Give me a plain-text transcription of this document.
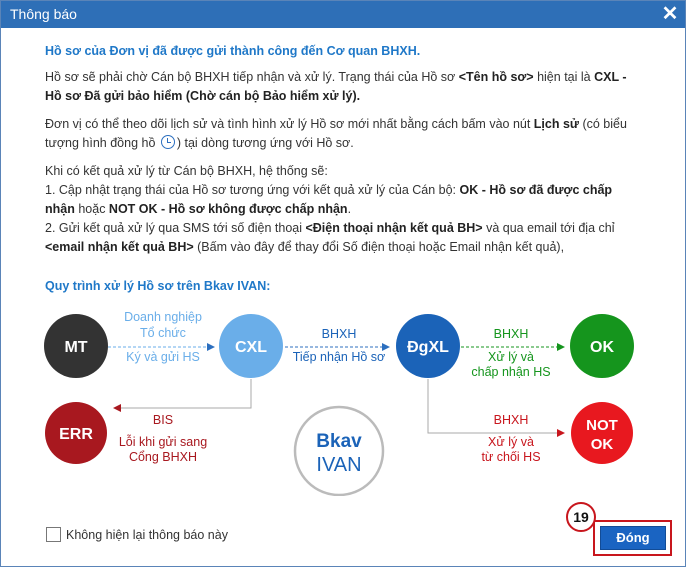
Thông báo	✕

Hồ sơ của Đơn vị đã được gửi thành công đến Cơ quan BHXH.

Hồ sơ sẽ phải chờ Cán bộ BHXH tiếp nhận và xử lý. Trạng thái của Hồ sơ <Tên hồ sơ> hiện tại là CXL - Hồ sơ Đã gửi bảo hiểm (Chờ cán bộ Bảo hiểm xử lý).

Đơn vị có thể theo dõi lịch sử và tình hình xử lý Hồ sơ mới nhất bằng cách bấm vào nút Lịch sử (có biểu tượng hình đồng hồ ) tại dòng tương ứng với Hồ sơ.

Khi có kết quả xử lý từ Cán bộ BHXH, hệ thống sẽ:

1. Cập nhật trạng thái của Hồ sơ tương ứng với kết quả xử lý của Cán bộ: OK - Hồ sơ đã được chấp nhận hoặc NOT OK - Hồ sơ không được chấp nhận.

2. Gửi kết quả xử lý qua SMS tới số điện thoại <Điện thoại nhận kết quả BH> và qua email tới địa chỉ <email nhận kết quả BH> (Bấm vào đây để thay đổi Số điện thoại hoặc Email nhận kết quả),

Quy trình xử lý Hồ sơ trên Bkav IVAN:
MT	CXL	ĐgXL	OK
ERR
NOT
OK
Bkav
IVAN
Doanh nghiệp
Tổ chức
Ký và gửi HS
BHXH
Tiếp nhận Hồ sơ
BHXH
Xử lý và
chấp nhận HS
BIS
Lỗi khi gửi sang
Cổng BHXH
BHXH
Xử lý và
từ chối HS
Không hiện lại thông báo này	Đóng
19
